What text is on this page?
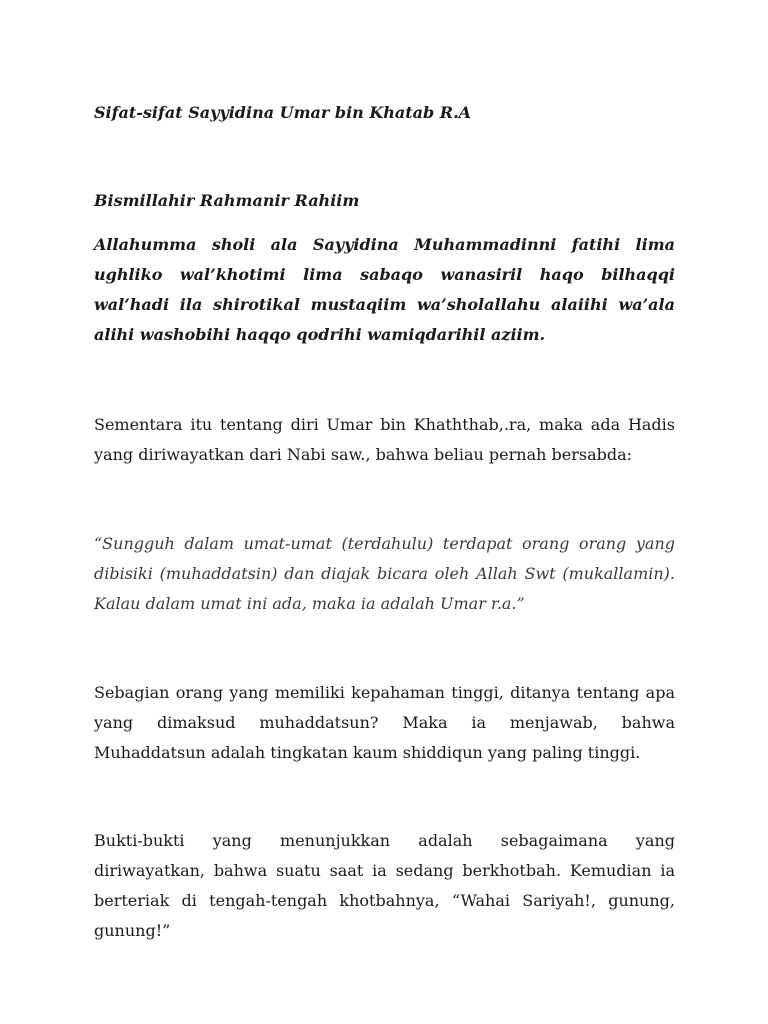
Sifat-sifat Sayyidina Umar bin Khatab R.A

Bismillahir Rahmanir Rahiim

Allahumma sholi ala Sayyidina Muhammadinni fatihi lima ughliko wal’khotimi lima sabaqo wanasiril haqo bilhaqqi wal’hadi ila shirotikal mustaqiim wa’sholallahu alaiihi wa’ala alihi washobihi haqqo qodrihi wamiqdarihil aziim.

Sementara itu tentang diri Umar bin Khaththab,.ra, maka ada Hadis yang diriwayatkan dari Nabi saw., bahwa beliau pernah bersabda:

“Sungguh dalam umat-umat (terdahulu) terdapat orang orang yang dibisiki (muhaddatsin) dan diajak bicara oleh Allah Swt (mukallamin). Kalau dalam umat ini ada, maka ia adalah Umar r.a.”

Sebagian orang yang memiliki kepahaman tinggi, ditanya tentang apa yang dimaksud muhaddatsun? Maka ia menjawab, bahwa Muhaddatsun adalah tingkatan kaum shiddiqun yang paling tinggi.

Bukti-bukti yang menunjukkan adalah sebagaimana yang diriwayatkan, bahwa suatu saat ia sedang berkhotbah. Kemudian ia berteriak di tengah-tengah khotbahnya, “Wahai Sariyah!, gunung, gunung!”
